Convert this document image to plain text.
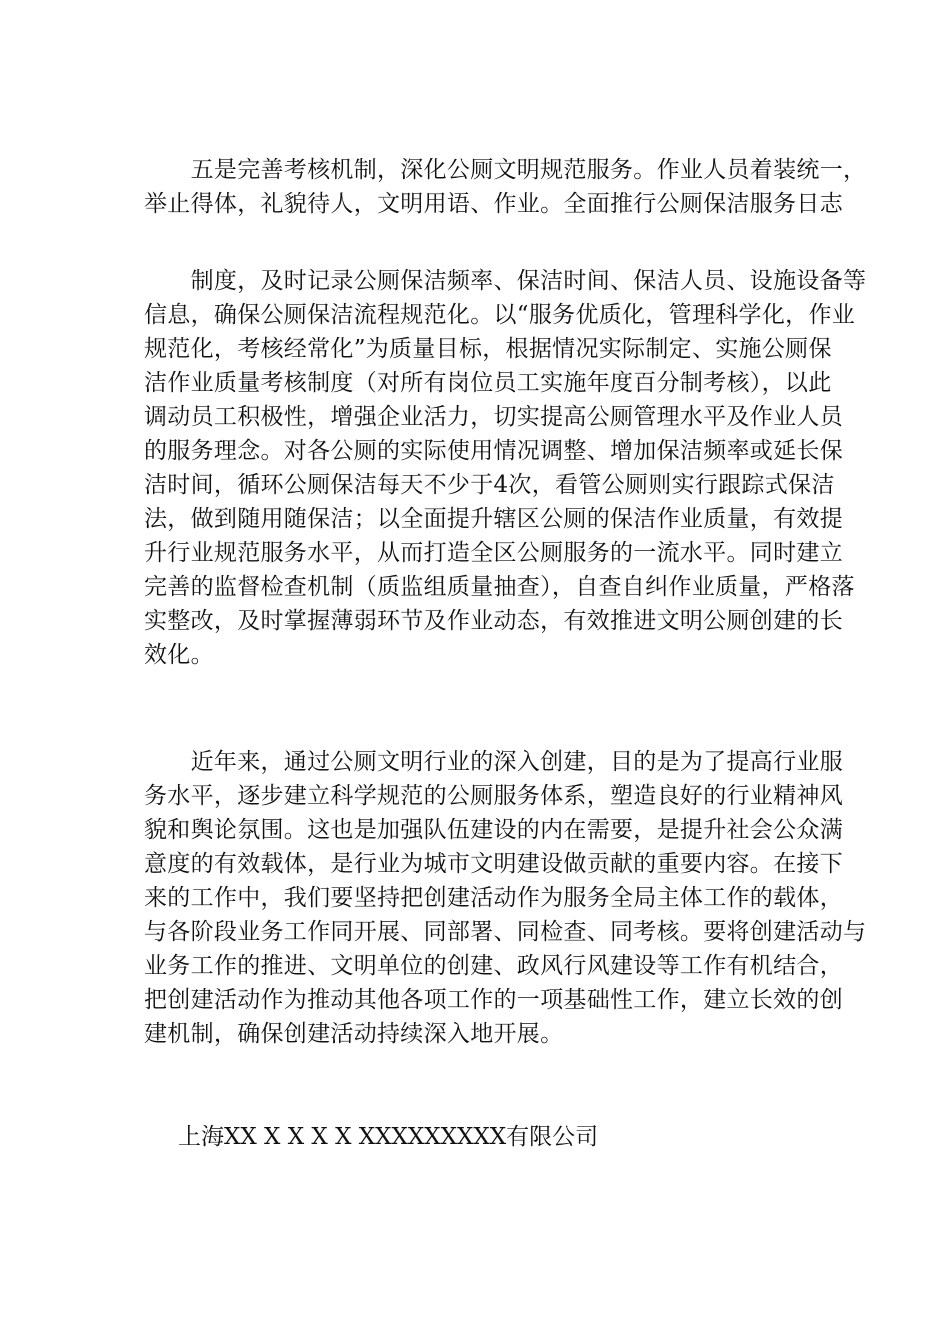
　　五是完善考核机制，深化公厕文明规范服务。作业人员着装统一，
举止得体，礼貌待人，文明用语、作业。全面推行公厕保洁服务日志

　　制度，及时记录公厕保洁频率、保洁时间、保洁人员、设施设备等
信息，确保公厕保洁流程规范化。以“服务优质化，管理科学化，作业
规范化，考核经常化”为质量目标，根据情况实际制定、实施公厕保
洁作业质量考核制度（对所有岗位员工实施年度百分制考核），以此
调动员工积极性，增强企业活力，切实提高公厕管理水平及作业人员
的服务理念。对各公厕的实际使用情况调整、增加保洁频率或延长保
洁时间，循环公厕保洁每天不少于4次，看管公厕则实行跟踪式保洁
法，做到随用随保洁；以全面提升辖区公厕的保洁作业质量，有效提
升行业规范服务水平，从而打造全区公厕服务的一流水平。同时建立
完善的监督检查机制（质监组质量抽查），自查自纠作业质量，严格落
实整改，及时掌握薄弱环节及作业动态，有效推进文明公厕创建的长
效化。

　　近年来，通过公厕文明行业的深入创建，目的是为了提高行业服
务水平，逐步建立科学规范的公厕服务体系，塑造良好的行业精神风
貌和舆论氛围。这也是加强队伍建设的内在需要，是提升社会公众满
意度的有效载体，是行业为城市文明建设做贡献的重要内容。在接下
来的工作中，我们要坚持把创建活动作为服务全局主体工作的载体，
与各阶段业务工作同开展、同部署、同检查、同考核。要将创建活动与
业务工作的推进、文明单位的创建、政风行风建设等工作有机结合，
把创建活动作为推动其他各项工作的一项基础性工作，建立长效的创
建机制，确保创建活动持续深入地开展。

上海XX X X X X XXXXXXXXX有限公司
